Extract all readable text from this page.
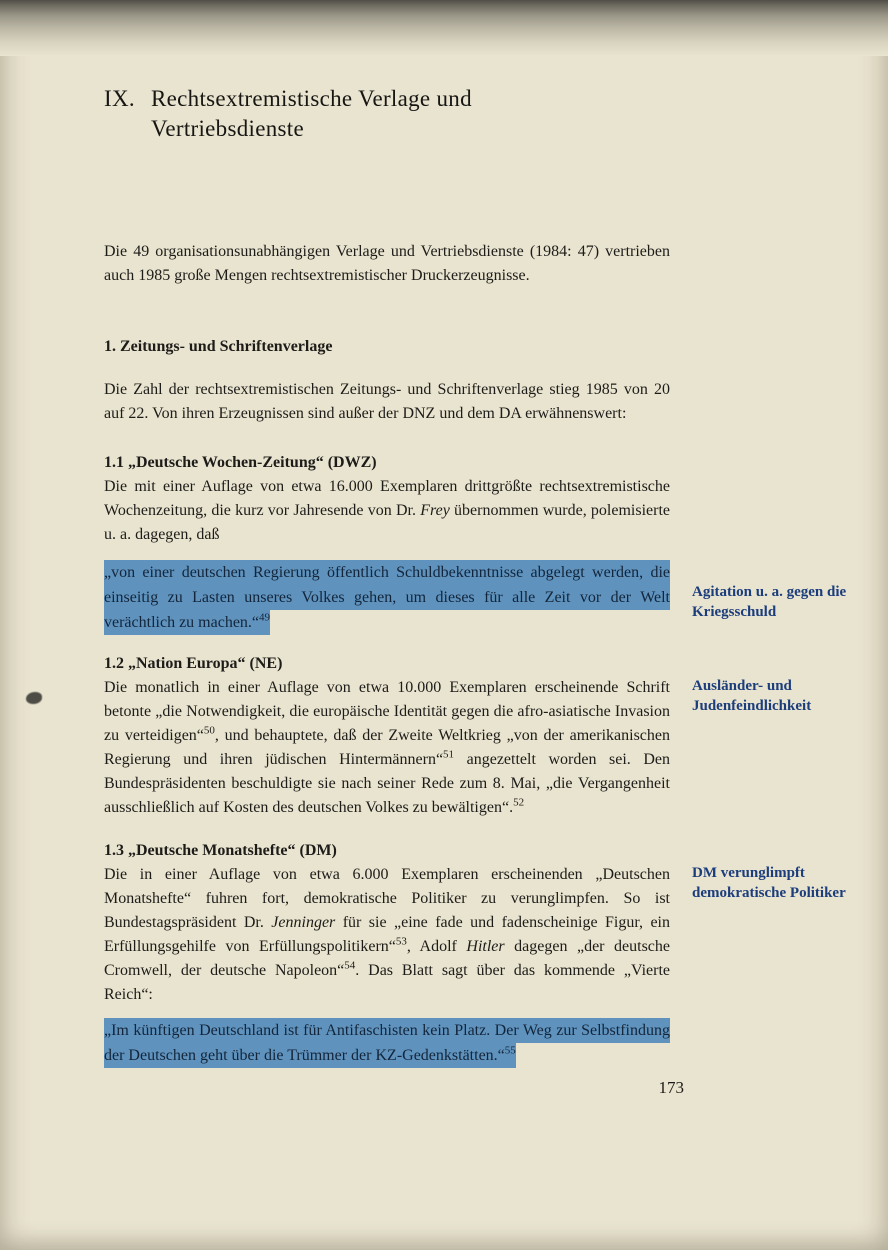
IX. Rechtsextremistische Verlage und Vertriebsdienste

Die 49 organisationsunabhängigen Verlage und Vertriebsdienste (1984: 47) vertrieben auch 1985 große Mengen rechtsextremistischer Druckerzeugnisse.

1. Zeitungs- und Schriftenverlage

Die Zahl der rechtsextremistischen Zeitungs- und Schriftenverlage stieg 1985 von 20 auf 22. Von ihren Erzeugnissen sind außer der DNZ und dem DA erwähnenswert:

1.1 „Deutsche Wochen-Zeitung“ (DWZ)

Die mit einer Auflage von etwa 16.000 Exemplaren drittgrößte rechtsextremistische Wochenzeitung, die kurz vor Jahresende von Dr. Frey übernommen wurde, polemisierte u. a. dagegen, daß

„von einer deutschen Regierung öffentlich Schuldbekenntnisse abgelegt werden, die einseitig zu Lasten unseres Volkes gehen, um dieses für alle Zeit vor der Welt verächtlich zu machen.“$^{49}$

Agitation u. a. gegen die Kriegsschuld
1.2 „Nation Europa“ (NE)

Die monatlich in einer Auflage von etwa 10.000 Exemplaren erscheinende Schrift betonte „die Notwendigkeit, die europäische Identität gegen die afro-asiatische Invasion zu verteidigen“$^{50}$, und behauptete, daß der Zweite Weltkrieg „von der amerikanischen Regierung und ihren jüdischen Hintermännern“$^{51}$ angezettelt worden sei. Den Bundespräsidenten beschuldigte sie nach seiner Rede zum 8. Mai, „die Vergangenheit ausschließlich auf Kosten des deutschen Volkes zu bewältigen“.$^{52}$

Ausländer- und Judenfeindlichkeit
1.3 „Deutsche Monatshefte“ (DM)

Die in einer Auflage von etwa 6.000 Exemplaren erscheinenden „Deutschen Monatshefte“ fuhren fort, demokratische Politiker zu verunglimpfen. So ist Bundestagspräsident Dr. Jenninger für sie „eine fade und fadenscheinige Figur, ein Erfüllungsgehilfe von Erfüllungspolitikern“$^{53}$, Adolf Hitler dagegen „der deutsche Cromwell, der deutsche Napoleon“$^{54}$. Das Blatt sagt über das kommende „Vierte Reich“:

DM verunglimpft demokratische Politiker

„Im künftigen Deutschland ist für Antifaschisten kein Platz. Der Weg zur Selbstfindung der Deutschen geht über die Trümmer der KZ-Gedenkstätten.“$^{55}$

173
